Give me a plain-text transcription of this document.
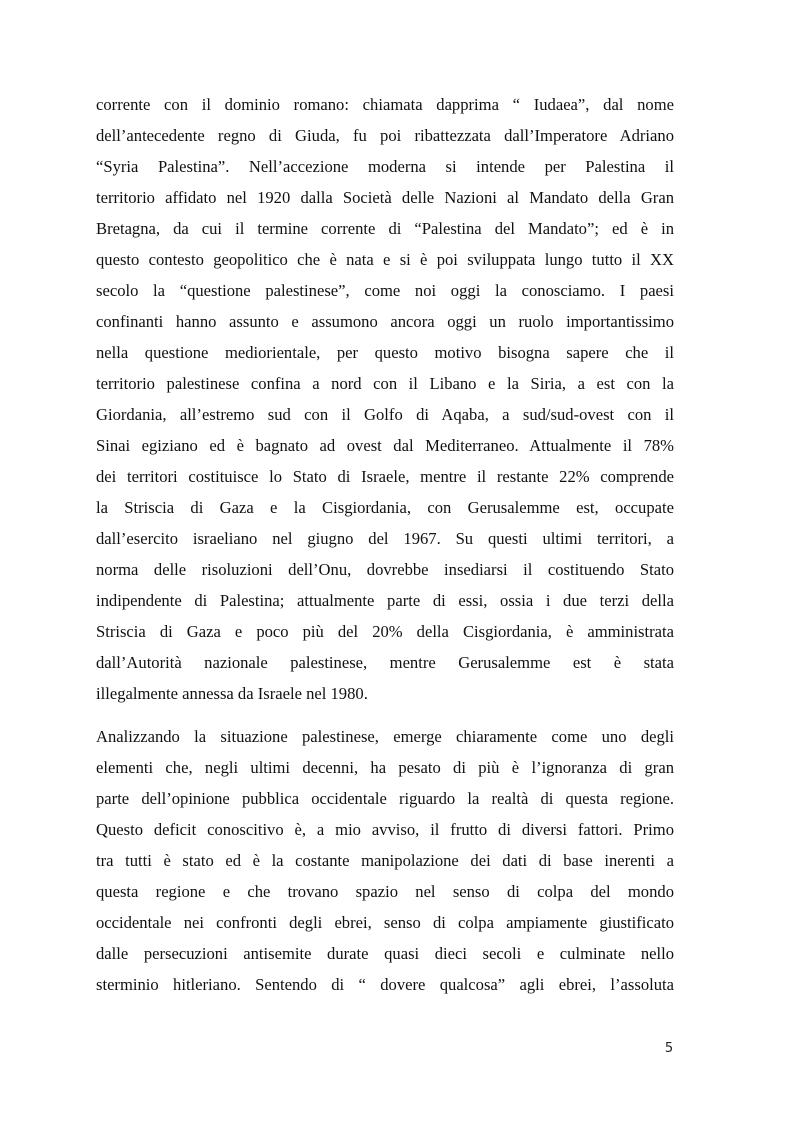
corrente con il dominio romano: chiamata dapprima “ Iudaea”, dal nome
dell’antecedente regno di Giuda, fu poi ribattezzata dall’Imperatore Adriano
“Syria Palestina”. Nell’accezione moderna si intende per Palestina il
territorio affidato nel 1920 dalla Società delle Nazioni al Mandato della Gran
Bretagna, da cui il termine corrente di “Palestina del Mandato”; ed è in
questo contesto geopolitico che è nata e si è poi sviluppata lungo tutto il XX
secolo la “questione palestinese”, come noi oggi la conosciamo. I paesi
confinanti hanno assunto e assumono ancora oggi un ruolo importantissimo
nella questione mediorientale, per questo motivo bisogna sapere che il
territorio palestinese confina a nord con il Libano e la Siria, a est con la
Giordania, all’estremo sud con il Golfo di Aqaba, a sud/sud-ovest con il
Sinai egiziano ed è bagnato ad ovest dal Mediterraneo. Attualmente il 78%
dei territori costituisce lo Stato di Israele, mentre il restante 22% comprende
la Striscia di Gaza e la Cisgiordania, con Gerusalemme est, occupate
dall’esercito israeliano nel giugno del 1967. Su questi ultimi territori, a
norma delle risoluzioni dell’Onu, dovrebbe insediarsi il costituendo Stato
indipendente di Palestina; attualmente parte di essi, ossia i due terzi della
Striscia di Gaza e poco più del 20% della Cisgiordania, è amministrata
dall’Autorità nazionale palestinese, mentre Gerusalemme est è stata
illegalmente annessa da Israele nel 1980.

Analizzando la situazione palestinese, emerge chiaramente come uno degli
elementi che, negli ultimi decenni, ha pesato di più è l’ignoranza di gran
parte dell’opinione pubblica occidentale riguardo la realtà di questa regione.
Questo deficit conoscitivo è, a mio avviso, il frutto di diversi fattori. Primo
tra tutti è stato ed è la costante manipolazione dei dati di base inerenti a
questa regione e che trovano spazio nel senso di colpa del mondo
occidentale nei confronti degli ebrei, senso di colpa ampiamente giustificato
dalle persecuzioni antisemite durate quasi dieci secoli e culminate nello
sterminio hitleriano. Sentendo di “ dovere qualcosa” agli ebrei, l’assoluta

5
